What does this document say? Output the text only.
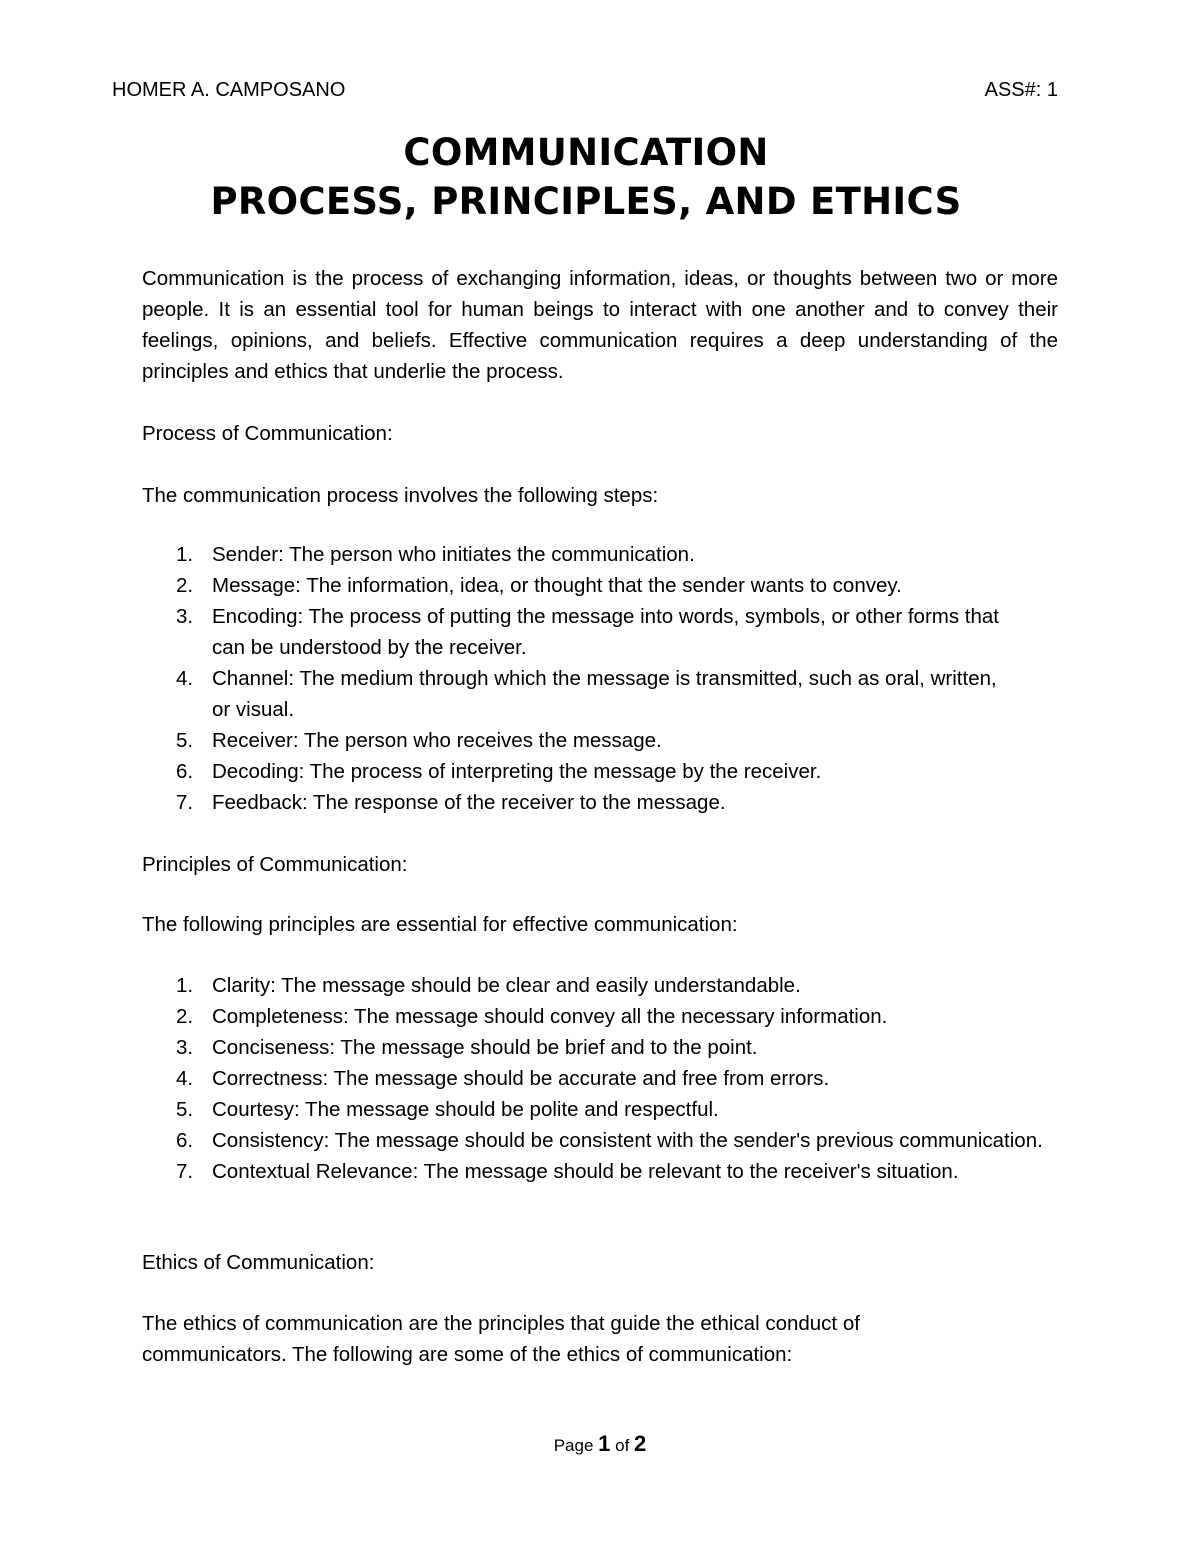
HOMER A. CAMPOSANO	ASS#: 1
COMMUNICATION
PROCESS, PRINCIPLES, AND ETHICS
Communication is the process of exchanging information, ideas, or thoughts between two or more people. It is an essential tool for human beings to interact with one another and to convey their feelings, opinions, and beliefs. Effective communication requires a deep understanding of the principles and ethics that underlie the process.
Process of Communication:
The communication process involves the following steps:
1. Sender: The person who initiates the communication.
2. Message: The information, idea, or thought that the sender wants to convey.
3. Encoding: The process of putting the message into words, symbols, or other forms that can be understood by the receiver.
4. Channel: The medium through which the message is transmitted, such as oral, written, or visual.
5. Receiver: The person who receives the message.
6. Decoding: The process of interpreting the message by the receiver.
7. Feedback: The response of the receiver to the message.
Principles of Communication:
The following principles are essential for effective communication:
1. Clarity: The message should be clear and easily understandable.
2. Completeness: The message should convey all the necessary information.
3. Conciseness: The message should be brief and to the point.
4. Correctness: The message should be accurate and free from errors.
5. Courtesy: The message should be polite and respectful.
6. Consistency: The message should be consistent with the sender's previous communication.
7. Contextual Relevance: The message should be relevant to the receiver's situation.
Ethics of Communication:
The ethics of communication are the principles that guide the ethical conduct of communicators. The following are some of the ethics of communication:
Page 1 of 2
